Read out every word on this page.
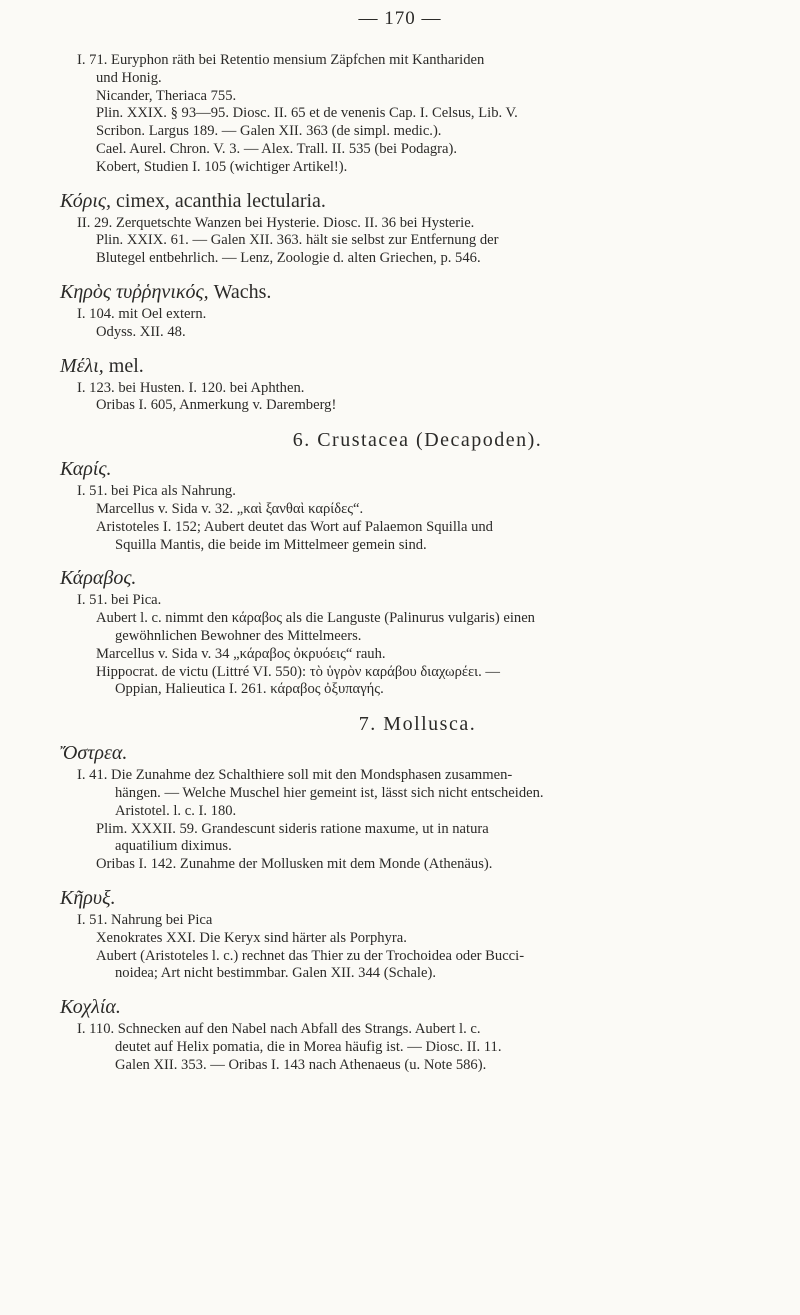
— 170 —
I. 71. Euryphon räth bei Retentio mensium Zäpfchen mit Kanthariden
und Honig.
Nicander, Theriaca 755.
Plin. XXIX. § 93—95. Diosc. II. 65 et de venenis Cap. I. Celsus, Lib. V.
Scribon. Largus 189. — Galen XII. 363 (de simpl. medic.).
Cael. Aurel. Chron. V. 3. — Alex. Trall. II. 535 (bei Podagra).
Kobert, Studien I. 105 (wichtiger Artikel!).
Κόρις, cimex, acanthia lectularia.
II. 29. Zerquetschte Wanzen bei Hysterie. Diosc. II. 36 bei Hysterie.
Plin. XXIX. 61. — Galen XII. 363. hält sie selbst zur Entfernung der
Blutegel entbehrlich. — Lenz, Zoologie d. alten Griechen, p. 546.
Κηρὸς τυῤῥηνικός, Wachs.
I. 104. mit Oel extern.
Odyss. XII. 48.
Μέλι, mel.
I. 123. bei Husten. I. 120. bei Aphthen.
Oribas I. 605, Anmerkung v. Daremberg!
6. Crustacea (Decapoden).
Καρίς.
I. 51. bei Pica als Nahrung.
Marcellus v. Sida v. 32. „καὶ ξανθαὶ καρίδες“.
Aristoteles I. 152; Aubert deutet das Wort auf Palaemon Squilla und
Squilla Mantis, die beide im Mittelmeer gemein sind.
Κάραβος.
I. 51. bei Pica.
Aubert l. c. nimmt den κάραβος als die Languste (Palinurus vulgaris) einen
gewöhnlichen Bewohner des Mittelmeers.
Marcellus v. Sida v. 34 „κάραβος ὀκρυόεις“ rauh.
Hippocrat. de victu (Littré VI. 550): τὸ ὑγρὸν καράβου διαχωρέει. —
Oppian, Halieutica I. 261. κάραβος ὀξυπαγής.
7. Mollusca.
Ὄστρεα.
I. 41. Die Zunahme dez Schalthiere soll mit den Mondsphasen zusammen-
hängen. — Welche Muschel hier gemeint ist, lässt sich nicht entscheiden.
Aristotel. l. c. I. 180.
Plim. XXXII. 59. Grandescunt sideris ratione maxume, ut in natura
aquatilium diximus.
Oribas I. 142. Zunahme der Mollusken mit dem Monde (Athenäus).
Κῆρυξ.
I. 51. Nahrung bei Pica
Xenokrates XXI. Die Keryx sind härter als Porphyra.
Aubert (Aristoteles l. c.) rechnet das Thier zu der Trochoidea oder Bucci-
noidea; Art nicht bestimmbar. Galen XII. 344 (Schale).
Κοχλία.
I. 110. Schnecken auf den Nabel nach Abfall des Strangs. Aubert l. c.
deutet auf Helix pomatia, die in Morea häufig ist. — Diosc. II. 11.
Galen XII. 353. — Oribas I. 143 nach Athenaeus (u. Note 586).
